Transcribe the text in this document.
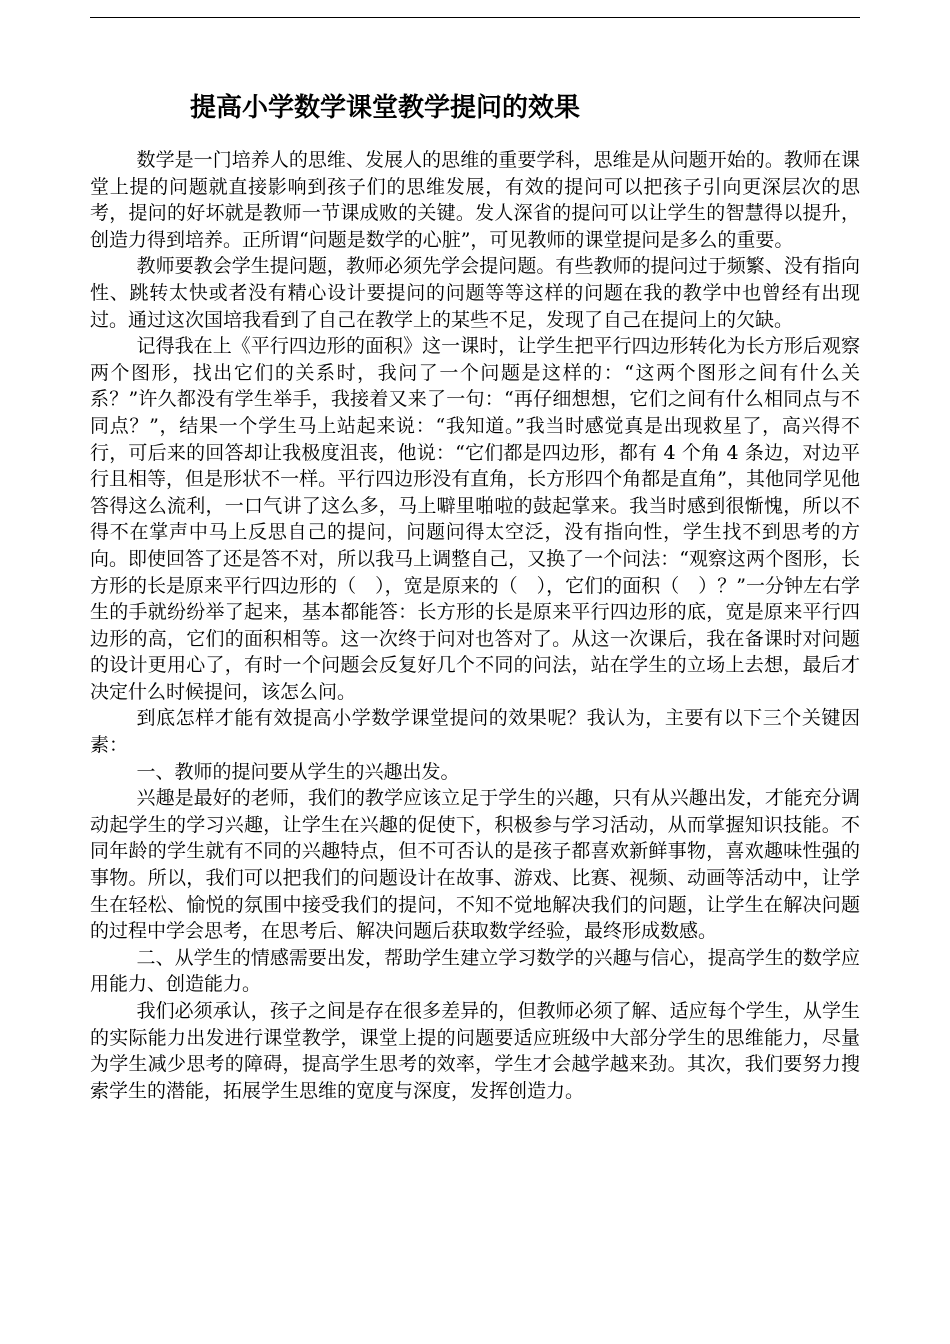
提高小学数学课堂教学提问的效果

数学是一门培养人的思维、发展人的思维的重要学科，思维是从问题开始的。教师在课堂上提的问题就直接影响到孩子们的思维发展，有效的提问可以把孩子引向更深层次的思考，提问的好坏就是教师一节课成败的关键。发人深省的提问可以让学生的智慧得以提升，创造力得到培养。正所谓“问题是数学的心脏”，可见教师的课堂提问是多么的重要。

教师要教会学生提问题，教师必须先学会提问题。有些教师的提问过于频繁、没有指向性、跳转太快或者没有精心设计要提问的问题等等这样的问题在我的教学中也曾经有出现过。通过这次国培我看到了自己在教学上的某些不足，发现了自己在提问上的欠缺。

记得我在上《平行四边形的面积》这一课时，让学生把平行四边形转化为长方形后观察两个图形，找出它们的关系时，我问了一个问题是这样的：“这两个图形之间有什么关系？”许久都没有学生举手，我接着又来了一句：“再仔细想想，它们之间有什么相同点与不同点？”，结果一个学生马上站起来说：“我知道。”我当时感觉真是出现救星了，高兴得不行，可后来的回答却让我极度沮丧，他说：“它们都是四边形，都有 4 个角 4 条边，对边平行且相等，但是形状不一样。平行四边形没有直角，长方形四个角都是直角”，其他同学见他答得这么流利，一口气讲了这么多，马上噼里啪啦的鼓起掌来。我当时感到很惭愧，所以不得不在掌声中马上反思自己的提问，问题问得太空泛，没有指向性，学生找不到思考的方向。即使回答了还是答不对，所以我马上调整自己，又换了一个问法：“观察这两个图形，长方形的长是原来平行四边形的（　），宽是原来的（　），它们的面积（　）？”一分钟左右学生的手就纷纷举了起来，基本都能答：长方形的长是原来平行四边形的底，宽是原来平行四边形的高，它们的面积相等。这一次终于问对也答对了。从这一次课后，我在备课时对问题的设计更用心了，有时一个问题会反复好几个不同的问法，站在学生的立场上去想，最后才决定什么时候提问，该怎么问。

到底怎样才能有效提高小学数学课堂提问的效果呢？我认为，主要有以下三个关键因素：

一、教师的提问要从学生的兴趣出发。

兴趣是最好的老师，我们的教学应该立足于学生的兴趣，只有从兴趣出发，才能充分调动起学生的学习兴趣，让学生在兴趣的促使下，积极参与学习活动，从而掌握知识技能。不同年龄的学生就有不同的兴趣特点，但不可否认的是孩子都喜欢新鲜事物，喜欢趣味性强的事物。所以，我们可以把我们的问题设计在故事、游戏、比赛、视频、动画等活动中，让学生在轻松、愉悦的氛围中接受我们的提问，不知不觉地解决我们的问题，让学生在解决问题的过程中学会思考，在思考后、解决问题后获取数学经验，最终形成数感。

二、从学生的情感需要出发，帮助学生建立学习数学的兴趣与信心，提高学生的数学应用能力、创造能力。

我们必须承认，孩子之间是存在很多差异的，但教师必须了解、适应每个学生，从学生的实际能力出发进行课堂教学，课堂上提的问题要适应班级中大部分学生的思维能力，尽量为学生减少思考的障碍，提高学生思考的效率，学生才会越学越来劲。其次，我们要努力搜索学生的潜能，拓展学生思维的宽度与深度，发挥创造力。
